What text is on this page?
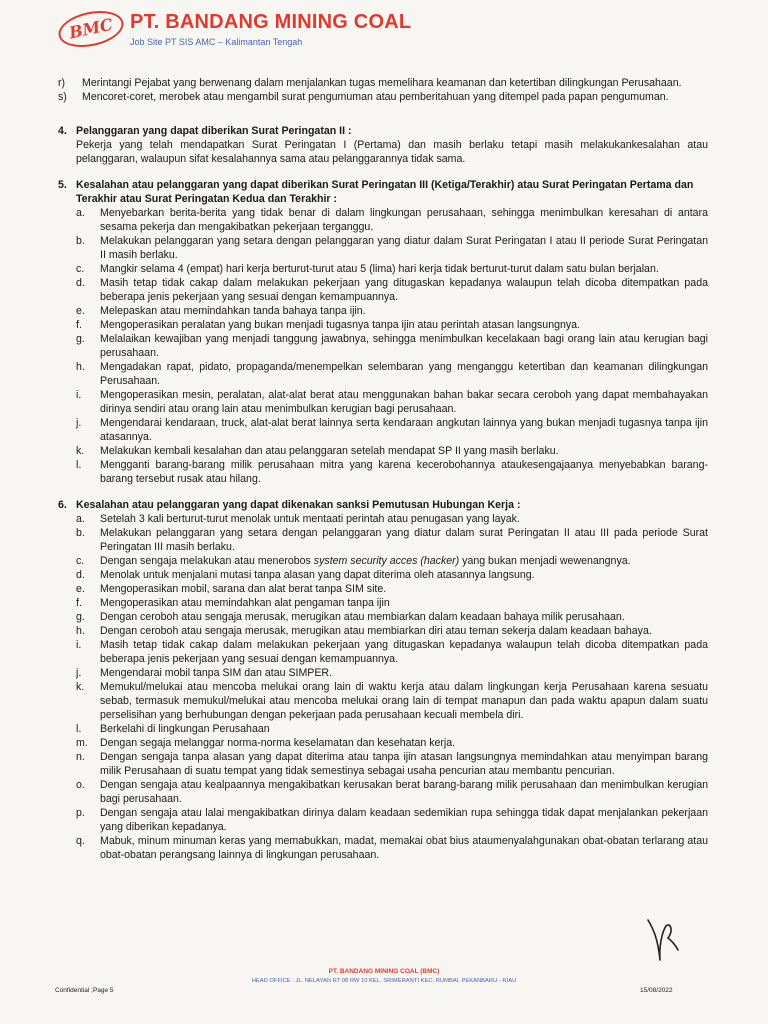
BMC PT. BANDANG MINING COAL
Job Site PT SIS AMC – Kalimantan Tengah
r)	Merintangi Pejabat yang berwenang dalam menjalankan tugas memelihara keamanan dan ketertiban dilingkungan Perusahaan.
s)	Mencoret-coret, merobek atau mengambil surat pengumuman atau pemberitahuan yang ditempel pada papan pengumuman.
4. Pelanggaran yang dapat diberikan Surat Peringatan II :
Pekerja yang telah mendapatkan Surat Peringatan I (Pertama) dan masih berlaku tetapi masih melakukankesalahan atau pelanggaran, walaupun sifat kesalahannya sama atau pelanggarannya tidak sama.
5. Kesalahan atau pelanggaran yang dapat diberikan Surat Peringatan III (Ketiga/Terakhir) atau Surat Peringatan Pertama dan Terakhir atau Surat Peringatan Kedua dan Terakhir :
a.	Menyebarkan berita-berita yang tidak benar di dalam lingkungan perusahaan, sehingga menimbulkan keresahan di antara sesama pekerja dan mengakibatkan pekerjaan terganggu.
b.	Melakukan pelanggaran yang setara dengan pelanggaran yang diatur dalam Surat Peringatan I atau II periode Surat Peringatan II masih berlaku.
c.	Mangkir selama 4 (empat) hari kerja berturut-turut atau 5 (lima) hari kerja tidak berturut-turut dalam satu bulan berjalan.
d.	Masih tetap tidak cakap dalam melakukan pekerjaan yang ditugaskan kepadanya walaupun telah dicoba ditempatkan pada beberapa jenis pekerjaan yang sesuai dengan kemampuannya.
e.	Melepaskan atau memindahkan tanda bahaya tanpa ijin.
f.	Mengoperasikan peralatan yang bukan menjadi tugasnya tanpa ijin atau perintah atasan langsungnya.
g.	Melalaikan kewajiban yang menjadi tanggung jawabnya, sehingga menimbulkan kecelakaan bagi orang lain atau kerugian bagi perusahaan.
h.	Mengadakan rapat, pidato, propaganda/menempelkan selembaran yang menganggu ketertiban dan keamanan dilingkungan Perusahaan.
i.	Mengoperasikan mesin, peralatan, alat-alat berat atau menggunakan bahan bakar secara ceroboh yang dapat membahayakan dirinya sendiri atau orang lain atau menimbulkan kerugian bagi perusahaan.
j.	Mengendarai kendaraan, truck, alat-alat berat lainnya serta kendaraan angkutan lainnya yang bukan menjadi tugasnya tanpa ijin atasannya.
k.	Melakukan kembali kesalahan dan atau pelanggaran setelah mendapat SP II yang masih berlaku.
l.	Mengganti barang-barang milik perusahaan mitra yang karena kecerobohannya ataukesengajaanya menyebabkan barang-barang tersebut rusak atau hilang.
6. Kesalahan atau pelanggaran yang dapat dikenakan sanksi Pemutusan Hubungan Kerja :
a.	Setelah 3 kali berturut-turut menolak untuk mentaati perintah atau penugasan yang layak.
b.	Melakukan pelanggaran yang setara dengan pelanggaran yang diatur dalam surat Peringatan II atau III pada periode Surat Peringatan III masih berlaku.
c.	Dengan sengaja melakukan atau menerobos system security acces (hacker) yang bukan menjadi wewenangnya.
d.	Menolak untuk menjalani mutasi tanpa alasan yang dapat diterima oleh atasannya langsung.
e.	Mengoperasikan mobil, sarana dan alat berat tanpa SIM site.
f.	Mengoperasikan atau memindahkan alat pengaman tanpa ijin
g.	Dengan ceroboh atau sengaja merusak, merugikan atau membiarkan dalam keadaan bahaya milik perusahaan.
h.	Dengan ceroboh atau sengaja merusak, merugikan atau membiarkan diri atau teman sekerja dalam keadaan bahaya.
i.	Masih tetap tidak cakap dalam melakukan pekerjaan yang ditugaskan kepadanya walaupun telah dicoba ditempatkan pada beberapa jenis pekerjaan yang sesuai dengan kemampuannya.
j.	Mengendarai mobil tanpa SIM dan atau SIMPER.
k.	Memukul/melukai atau mencoba melukai orang lain di waktu kerja atau dalam lingkungan kerja Perusahaan karena sesuatu sebab, termasuk memukul/melukai atau mencoba melukai orang lain di tempat manapun dan pada waktu apapun dalam suatu perselisihan yang berhubungan dengan pekerjaan pada perusahaan kecuali membela diri.
l.	Berkelahi di lingkungan Perusahaan
m.	Dengan segaja melanggar norma-norma keselamatan dan kesehatan kerja.
n.	Dengan sengaja tanpa alasan yang dapat diterima atau tanpa ijin atasan langsungnya memindahkan atau menyimpan barang milik Perusahaan di suatu tempat yang tidak semestinya sebagai usaha pencurian atau membantu pencurian.
o.	Dengan sengaja atau kealpaannya mengakibatkan kerusakan berat barang-barang milik perusahaan dan menimbulkan kerugian bagi perusahaan.
p.	Dengan sengaja atau lalai mengakibatkan dirinya dalam keadaan sedemikian rupa sehingga tidak dapat menjalankan pekerjaan yang diberikan kepadanya.
q.	Mabuk, minum minuman keras yang memabukkan, madat, memakai obat bius ataumenyalahgunakan obat-obatan terlarang atau obat-obatan perangsang lainnya di lingkungan perusahaan.
PT. BANDANG MINING COAL (BMC)
HEAD OFFICE : JL. NELAYAN RT 08 RW 10 KEL. SRIMERANTI KEC. RUMBAI, PEKANBARU - RIAU
Confidential ;Page 5	15/08/2022
